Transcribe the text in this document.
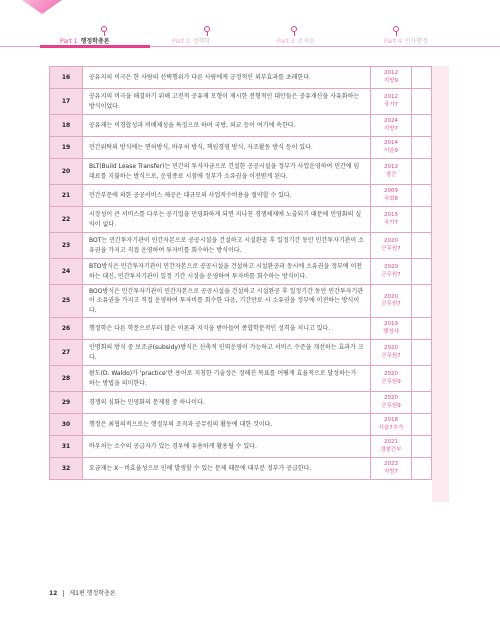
Part 1 행정학총론	Part 2 정책학	Part 3 조직론	Part 4 인사행정
16	공유지의 비극은 한 사람의 선택행위가 다른 사람에게 긍정적인 외부효과를 초래한다.	2012
지방9	

17	공유지의 비극을 해결하기 위해 고전적 공유재 모형이 제시한 전형적인 대안들은 공유재산을 사유화하는 방식이었다.	2012
국가7	

18	공유재는 비경합성과 비배제성을 특징으로 하며 국방, 외교 등이 여기에 속한다.	2024
지방7	

19	민간위탁의 방식에는 면허방식, 바우처 방식, 책임경영 방식, 자조활동 방식 등이 있다.	2014
서울9	

20	BLT(Build Lease Transfer)는 민간의 투자자금으로 건설한 공공시설을 정부가 사업운영하여 민간에 임대료를 지불하는 방식으로, 운영종료 시점에 정부가 소유권을 이전받게 된다.	2012
경간	

21	민간부문에 의한 공공서비스 제공은 대규모의 사업적수비용을 절약할 수 있다.	2009
국회8	

22	시장성이 큰 서비스를 다루는 공기업을 민영화하게 되면 지나친 경쟁체제에 노출되기 때문에 민영화의 실익이 없다.	2015
국가7	

23	BOT는 민간투자기관이 민간자본으로 공공시설을 건설하고 시설완공 후 일정기간 동안 민간투자기관이 소유권을 가지고 직접 운영하여 투자비를 회수하는 방식이다.	2020
군무원7	

24	BTO방식은 민간투자기관이 민간자본으로 공공시설을 건설하고 시설완공과 동시에 소유권을 정부에 이전하는 대신, 민간투자기관이 일정 기간 시설을 운영하여 투자비를 회수하는 방식이다.	2020
군무원7	

25	BOO방식은 민간투자기관이 민간자본으로 공공시설을 건설하고 시설완공 후 일정기간 동안 민간투자기관이 소유권을 가지고 직접 운영하여 투자비를 회수한 다음, 기간만료 시 소유권을 정부에 이전하는 방식이다.	2020
군무원7	

26	행정학은 다른 학문으로부터 많은 이론과 지식을 받아들여 종합학문적인 성격을 지니고 있다.	2019
행정사	

27	인명회의 방식 중 보조금(subsidy)방식은 신축적 인력운영이 가능하고 서비스 수준을 개선하는 효과가 크다.	2020
군무원7	

28	왈도(D. Waldo)가 'practice'란 용어로 지칭한 기술성은 정해진 목표를 어떻게 효율적으로 달성하는가 하는 방법을 의미한다.	2020
군무원9	

29	경쟁의 심화는 민영화의 문제점 중 하나이다.	2020
군무원9	

30	행정은 최협의적으로는 행정부의 조직과 공무원의 활동에 대한 것이다.	2018
서울7추가	

31	바우처는 소수의 공급자가 있는 경우에 유용하게 활용될 수 있다.	2021
경찰간부	

32	요금재는 X－비효율성으로 인해 발생할 수 있는 문제 때문에 대부분 정부가 공급한다.	2023
지방7	

12 제1편 행정학총론
